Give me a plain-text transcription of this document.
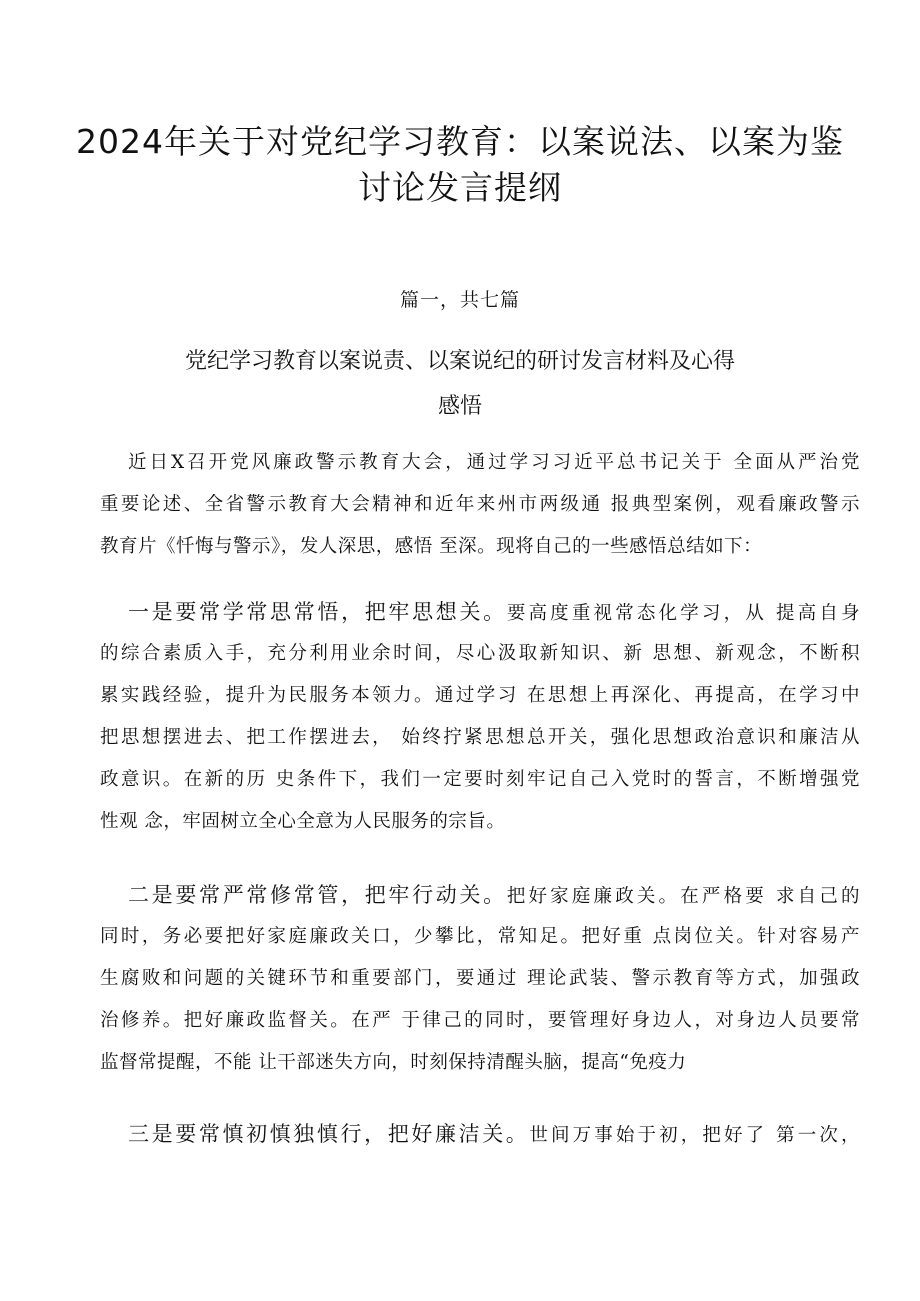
2024年关于对党纪学习教育：以案说法、以案为鉴
讨论发言提纲
篇一，共七篇
党纪学习教育以案说责、以案说纪的研讨发言材料及心得
感悟
近日X召开党风廉政警示教育大会，通过学习习近平总书记关于 全面从严治党
重要论述、全省警示教育大会精神和近年来州市两级通 报典型案例，观看廉政警示
教育片《忏悔与警示》，发人深思，感悟 至深。现将自己的一些感悟总结如下：
一是要常学常思常悟，把牢思想关。要高度重视常态化学习，从 提高自身
的综合素质入手，充分利用业余时间，尽心汲取新知识、新 思想、新观念，不断积
累实践经验，提升为民服务本领力。通过学习 在思想上再深化、再提高，在学习中
把思想摆进去、把工作摆进去， 始终拧紧思想总开关，强化思想政治意识和廉洁从
政意识。在新的历 史条件下，我们一定要时刻牢记自己入党时的誓言，不断增强党
性观 念，牢固树立全心全意为人民服务的宗旨。
二是要常严常修常管，把牢行动关。把好家庭廉政关。在严格要 求自己的
同时，务必要把好家庭廉政关口，少攀比，常知足。把好重 点岗位关。针对容易产
生腐败和问题的关键环节和重要部门，要通过 理论武装、警示教育等方式，加强政
治修养。把好廉政监督关。在严 于律己的同时，要管理好身边人，对身边人员要常
监督常提醒，不能 让干部迷失方向，时刻保持清醒头脑，提高“免疫力
三是要常慎初慎独慎行，把好廉洁关。世间万事始于初，把好了 第一次，
